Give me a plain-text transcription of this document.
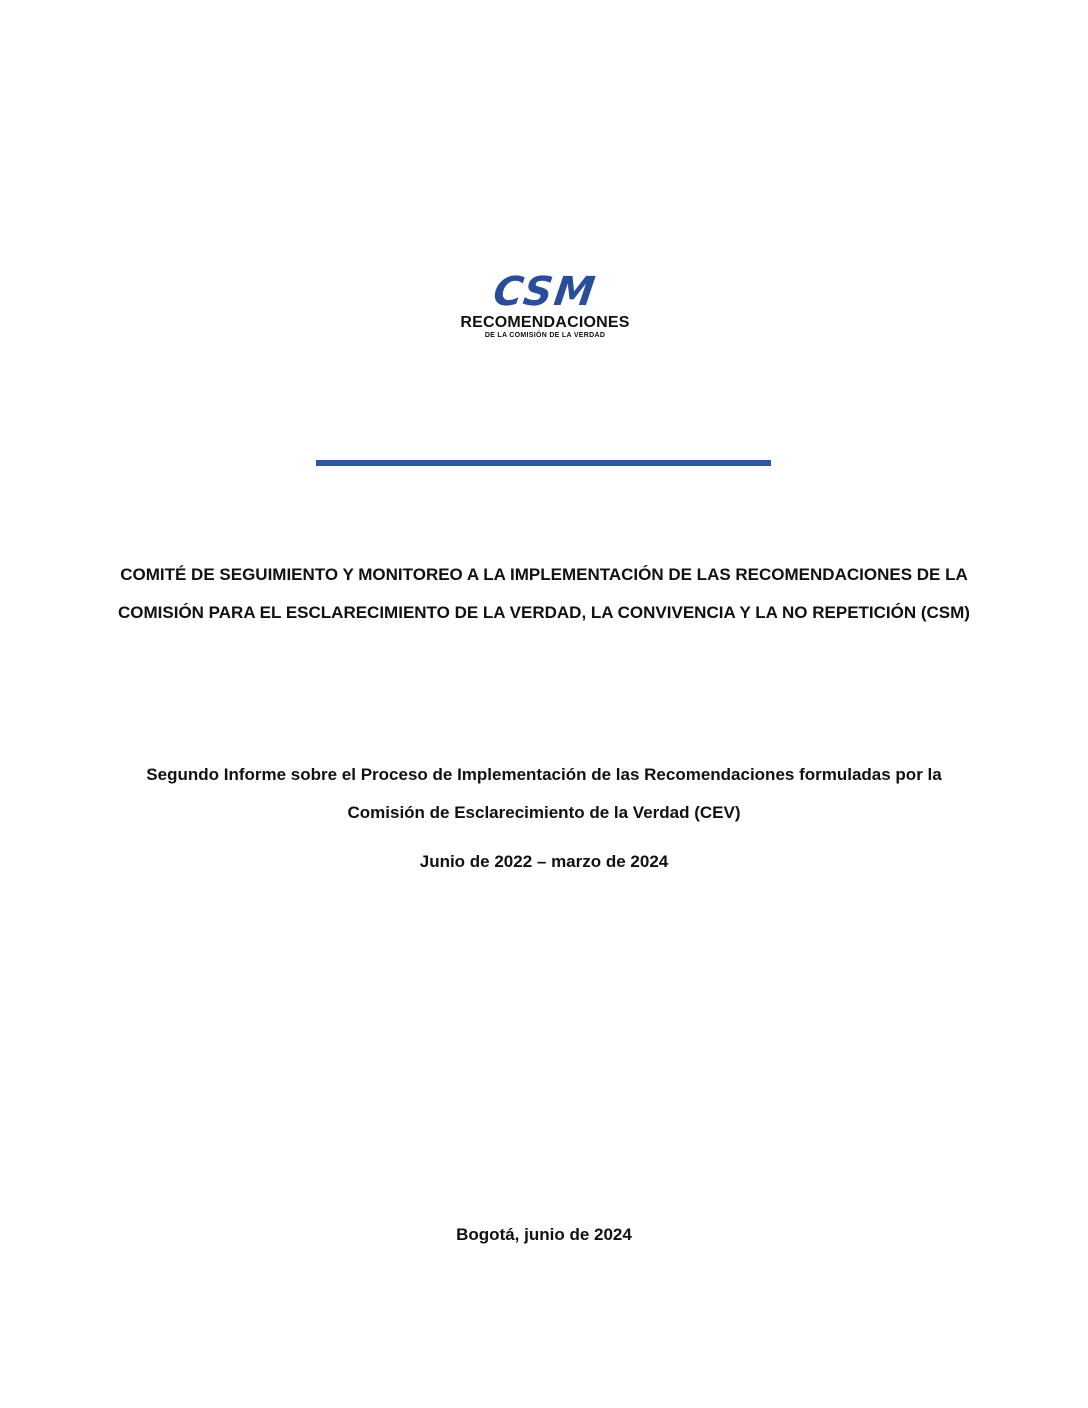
CSM
RECOMENDACIONES
DE LA COMISIÓN DE LA VERDAD

COMITÉ DE SEGUIMIENTO Y MONITOREO A LA IMPLEMENTACIÓN DE LAS RECOMENDACIONES DE LA
COMISIÓN PARA EL ESCLARECIMIENTO DE LA VERDAD, LA CONVIVENCIA Y LA NO REPETICIÓN (CSM)

Segundo Informe sobre el Proceso de Implementación de las Recomendaciones formuladas por la
Comisión de Esclarecimiento de la Verdad (CEV)

Junio de 2022 – marzo de 2024

Bogotá, junio de 2024
